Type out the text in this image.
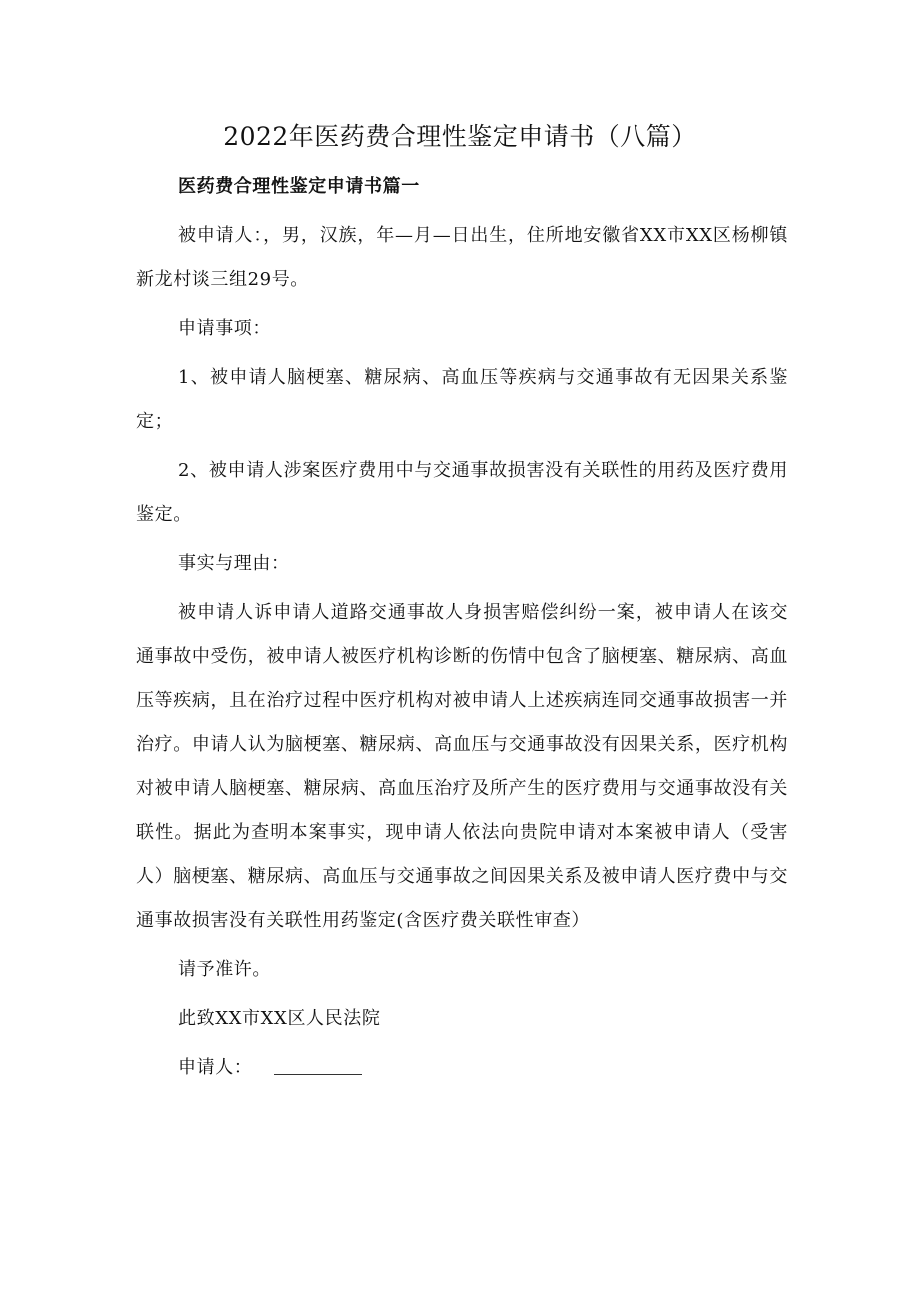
2022年医药费合理性鉴定申请书（八篇）

医药费合理性鉴定申请书篇一

被申请人：，男，汉族，年—月—日出生，住所地安徽省XX市XX区杨柳镇新龙村谈三组29号。

申请事项：

1、被申请人脑梗塞、糖尿病、高血压等疾病与交通事故有无因果关系鉴定；

2、被申请人涉案医疗费用中与交通事故损害没有关联性的用药及医疗费用鉴定。

事实与理由：

被申请人诉申请人道路交通事故人身损害赔偿纠纷一案，被申请人在该交通事故中受伤，被申请人被医疗机构诊断的伤情中包含了脑梗塞、糖尿病、高血压等疾病，且在治疗过程中医疗机构对被申请人上述疾病连同交通事故损害一并治疗。申请人认为脑梗塞、糖尿病、高血压与交通事故没有因果关系，医疗机构对被申请人脑梗塞、糖尿病、高血压治疗及所产生的医疗费用与交通事故没有关联性。据此为查明本案事实，现申请人依法向贵院申请对本案被申请人（受害人）脑梗塞、糖尿病、高血压与交通事故之间因果关系及被申请人医疗费中与交通事故损害没有关联性用药鉴定(含医疗费关联性审查）

请予准许。

此致XX市XX区人民法院

申请人：
